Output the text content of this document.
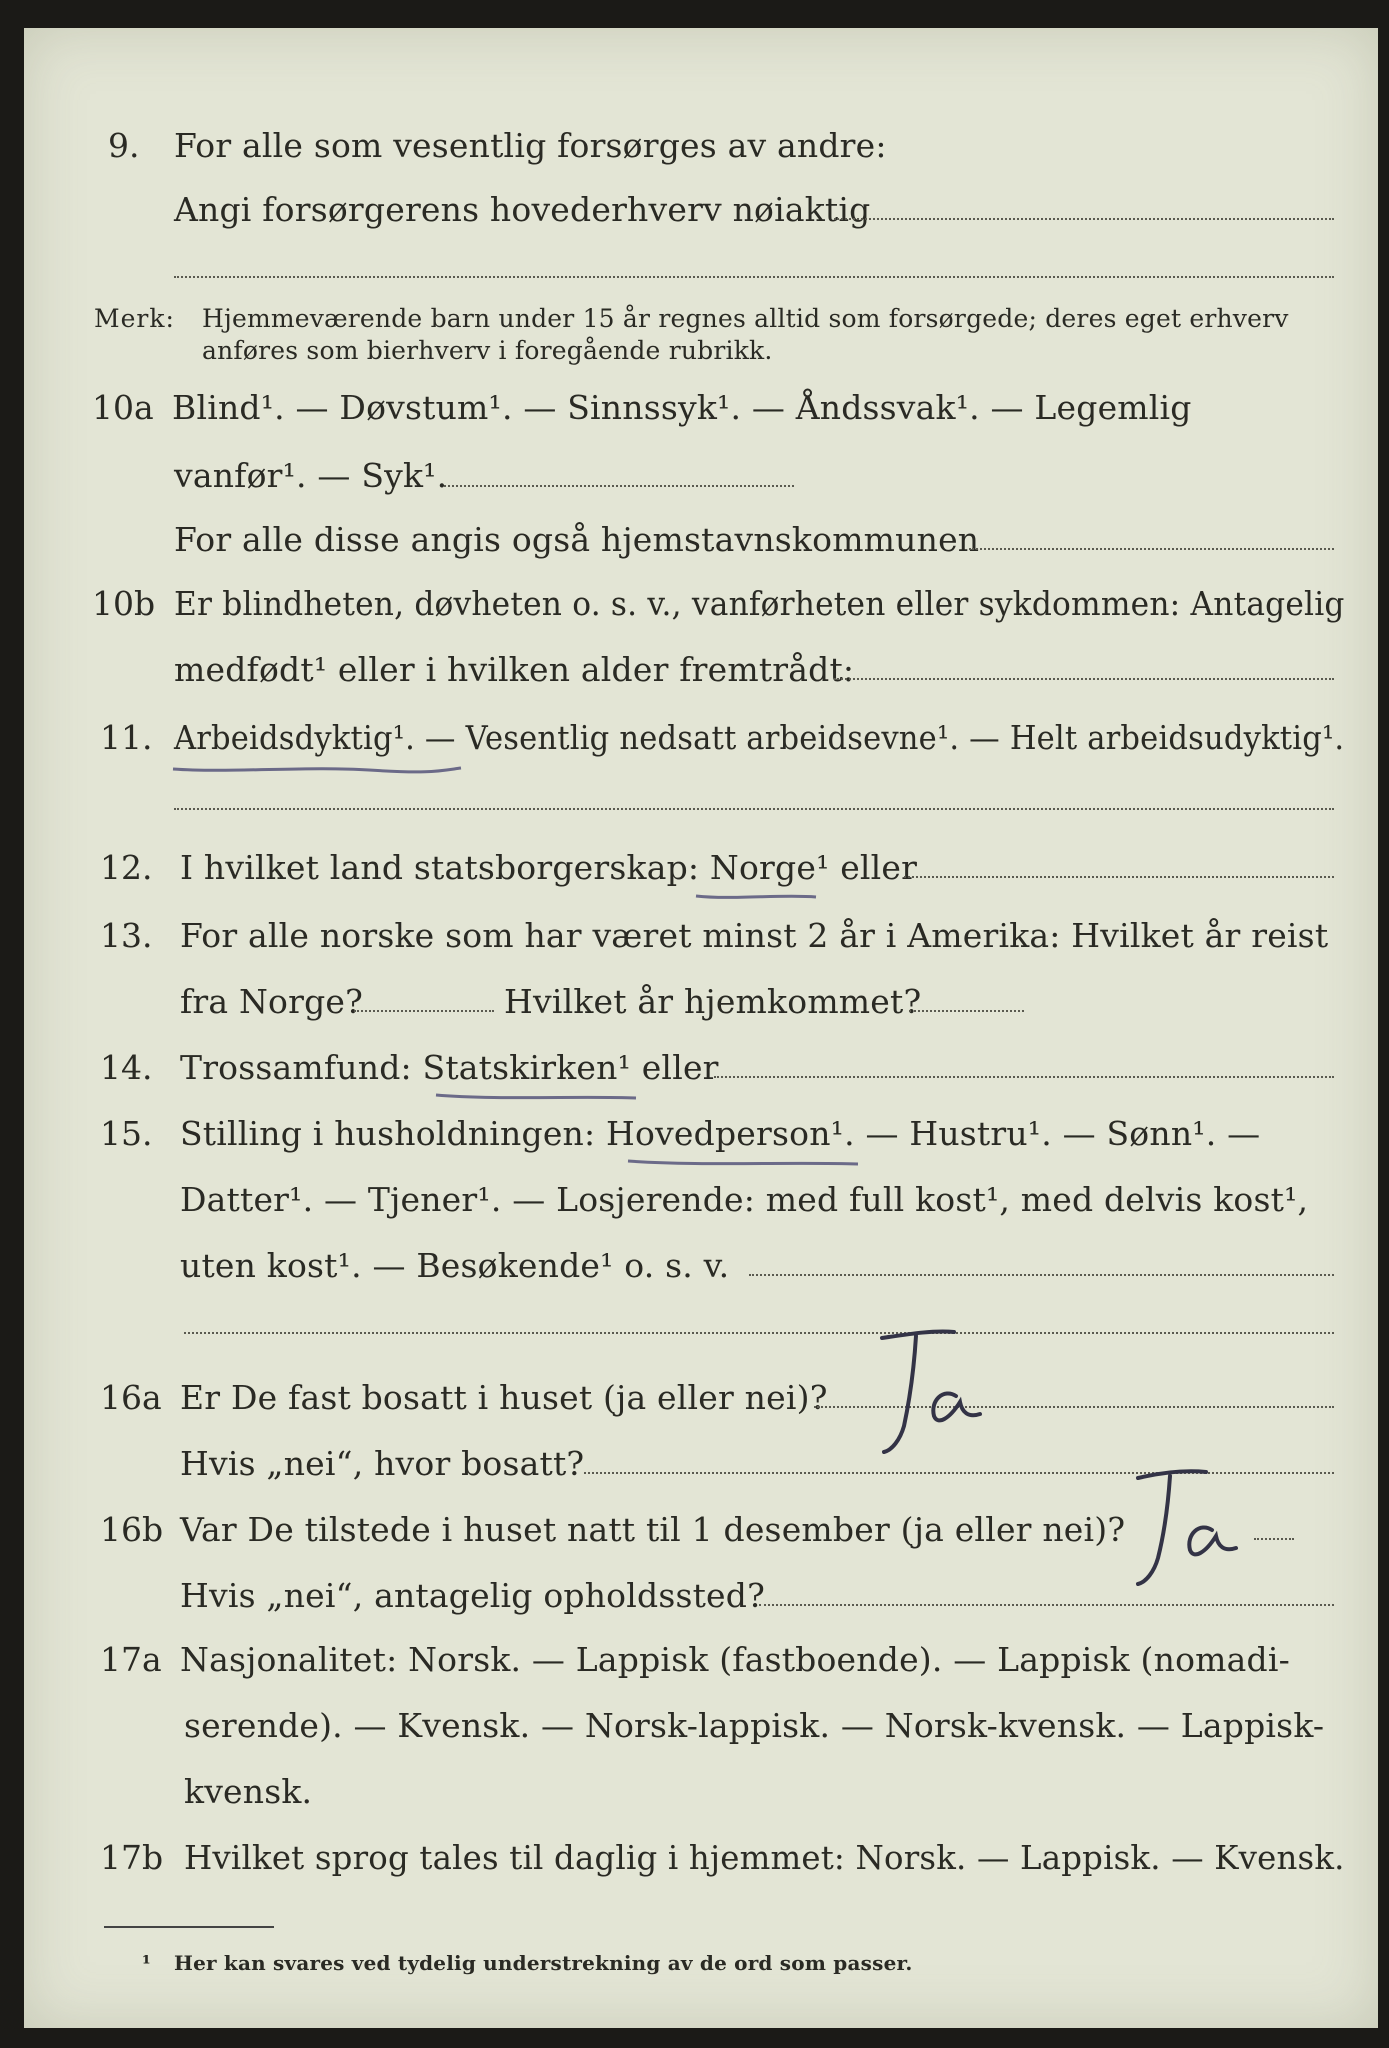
9. For alle som vesentlig forsørges av andre:
Angi forsørgerens hovederhverv nøiaktig
Merk: Hjemmeværende barn under 15 år regnes alltid som forsørgede; deres eget erhverv
anføres som bierhverv i foregående rubrikk.
10a Blind¹. — Døvstum¹. — Sinnssyk¹. — Åndssvak¹. — Legemlig
vanfør¹. — Syk¹.
For alle disse angis også hjemstavnskommunen
10b Er blindheten, døvheten o. s. v., vanførheten eller sykdommen: Antagelig
medfødt¹ eller i hvilken alder fremtrådt:
11. Arbeidsdyktig¹. — Vesentlig nedsatt arbeidsevne¹. — Helt arbeidsudyktig¹.
12. I hvilket land statsborgerskap: Norge¹ eller
13. For alle norske som har været minst 2 år i Amerika: Hvilket år reist
fra Norge?	Hvilket år hjemkommet?
14. Trossamfund: Statskirken¹ eller
15. Stilling i husholdningen: Hovedperson¹. — Hustru¹. — Sønn¹. —
Datter¹. — Tjener¹. — Losjerende: med full kost¹, med delvis kost¹,
uten kost¹. — Besøkende¹ o. s. v.
16a Er De fast bosatt i huset (ja eller nei)?
Ja
Hvis „nei“, hvor bosatt?
16b Var De tilstede i huset natt til 1 desember (ja eller nei)?
Ja
Hvis „nei“, antagelig opholdssted?
17a Nasjonalitet: Norsk. — Lappisk (fastboende). — Lappisk (nomadi-
serende). — Kvensk. — Norsk-lappisk. — Norsk-kvensk. — Lappisk-
kvensk.
17b Hvilket sprog tales til daglig i hjemmet: Norsk. — Lappisk. — Kvensk.
¹ Her kan svares ved tydelig understrekning av de ord som passer.
